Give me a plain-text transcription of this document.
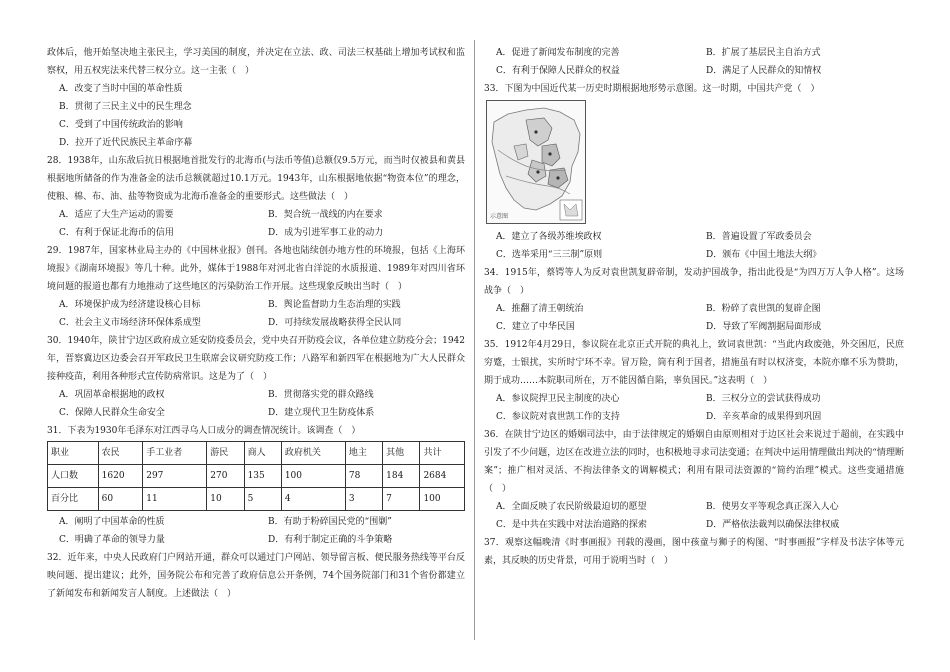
政体后，他开始坚决地主张民主，学习美国的制度，并决定在立法、政、司法三权基础上增加考试权和监察权，用五权宪法来代替三权分立。这一主张（　）

A．改变了当时中国的革命性质
B．贯彻了三民主义中的民生理念
C．受到了中国传统政治的影响
D．拉开了近代民族民主革命序幕

28．1938年，山东敌后抗日根据地首批发行的北海币(与法币等值)总额仅9.5万元，而当时仅被县和黄县根据地所储备的作为准备金的法币总额就超过10.1万元。1943年，山东根据地依据“物资本位”的理念，使粮、棉、布、油、盐等物资成为北海币准备金的重要形式。这些做法（　）

A．适应了大生产运动的需要	B．契合统一战线的内在要求
C．有利于保证北海币的信用	D．成为引进军事工业的动力

29．1987年，国家林业局主办的《中国林业报》创刊。各地也陆续创办地方性的环境报，包括《上海环境报》《湖南环境报》等几十种。此外，媒体于1988年对河北省白洋淀的水质报道、1989年对四川省环境问题的报道也都有力地推动了这些地区的污染防治工作开展。这些现象反映出当时（　）

A．环境保护成为经济建设核心目标	B．舆论监督助力生态治理的实践
C．社会主义市场经济环保体系成型	D．可持续发展战略获得全民认同

30．1940年，陕甘宁边区政府成立延安防疫委员会，党中央召开防疫会议，各单位建立防疫分会；1942年，晋察冀边区边委会召开军政民卫生联席会议研究防疫工作；八路军和新四军在根据地为广大人民群众接种疫苗，利用各种形式宣传防病常识。这是为了（　）

A．巩固革命根据地的政权	B．贯彻落实党的群众路线
C．保障人民群众生命安全	D．建立现代卫生防疫体系

31．下表为1930年毛泽东对江西寻乌人口成分的调查情况统计。该调查（　）

职业	农民	手工业者	游民	商人	政府机关	地主	其他	共计
人口数	1620	297	270	135	100	78	184	2684
百分比	60	11	10	5	4	3	7	100
A．阐明了中国革命的性质	B．有助于粉碎国民党的“围剿”
C．明确了革命的领导力量	D．有利于制定正确的斗争策略

32．近年来，中央人民政府门户网站开通，群众可以通过门户网站、领导留言板、便民服务热线等平台反映问题、提出建议；此外，国务院公布和完善了政府信息公开条例，74个国务院部门和31个省份都建立了新闻发布和新闻发言人制度。上述做法（　）

A．促进了新闻发布制度的完善	B．扩展了基层民主自治方式
C．有利于保障人民群众的权益	D．满足了人民群众的知情权

33．下图为中国近代某一历史时期根据地形势示意图。这一时期，中国共产党（　）

示意图
A．建立了各级苏维埃政权	B．普遍设置了军政委员会
C．选举采用“三三制”原则	D．颁布《中国土地法大纲》

34．1915年，蔡锷等人为反对袁世凯复辟帝制，发动护国战争，指出此役是“为四万万人争人格”。这场战争（　）

A．推翻了清王朝统治	B．粉碎了袁世凯的复辟企图
C．建立了中华民国	D．导致了军阀割据局面形成

35．1912年4月29日，参议院在北京正式开院的典礼上，致词袁世凯：“当此内政废弛，外交困厄，民庶穷蹙，士银扰，实所时宁环不幸。冒万险，筒有利于国者，措施虽有时以权济变，本院亦靡不乐为赞助，期于成功……本院职司所在，万不能因循自陷，辜负国民。”这表明（　）

A．参议院捍卫民主制度的决心	B．三权分立的尝试获得成功
C．参议院对袁世凯工作的支持	D．辛亥革命的成果得到巩固

36．在陕甘宁边区的婚姻司法中，由于法律规定的婚姻自由原则相对于边区社会来说过于超前，在实践中引发了不少问题，边区在改进立法的同时，也积极地寻求司法变通；在判决中运用情理做出判决的“情理断案”；推广相对灵活、不拘法律条文的调解模式；利用有限司法资源的“简约治理”模式。这些变通措施（　）

A．全面反映了农民阶级最迫切的愿望	B．使男女平等观念真正深入人心
C．是中共在实践中对法治道路的探索	D．严格依法裁判以确保法律权威

37．观察这幅晚清《时事画报》刊载的漫画，图中孩童与狮子的构图、“时事画报”字样及书法字体等元素，其反映的历史背景，可用于说明当时（　）
